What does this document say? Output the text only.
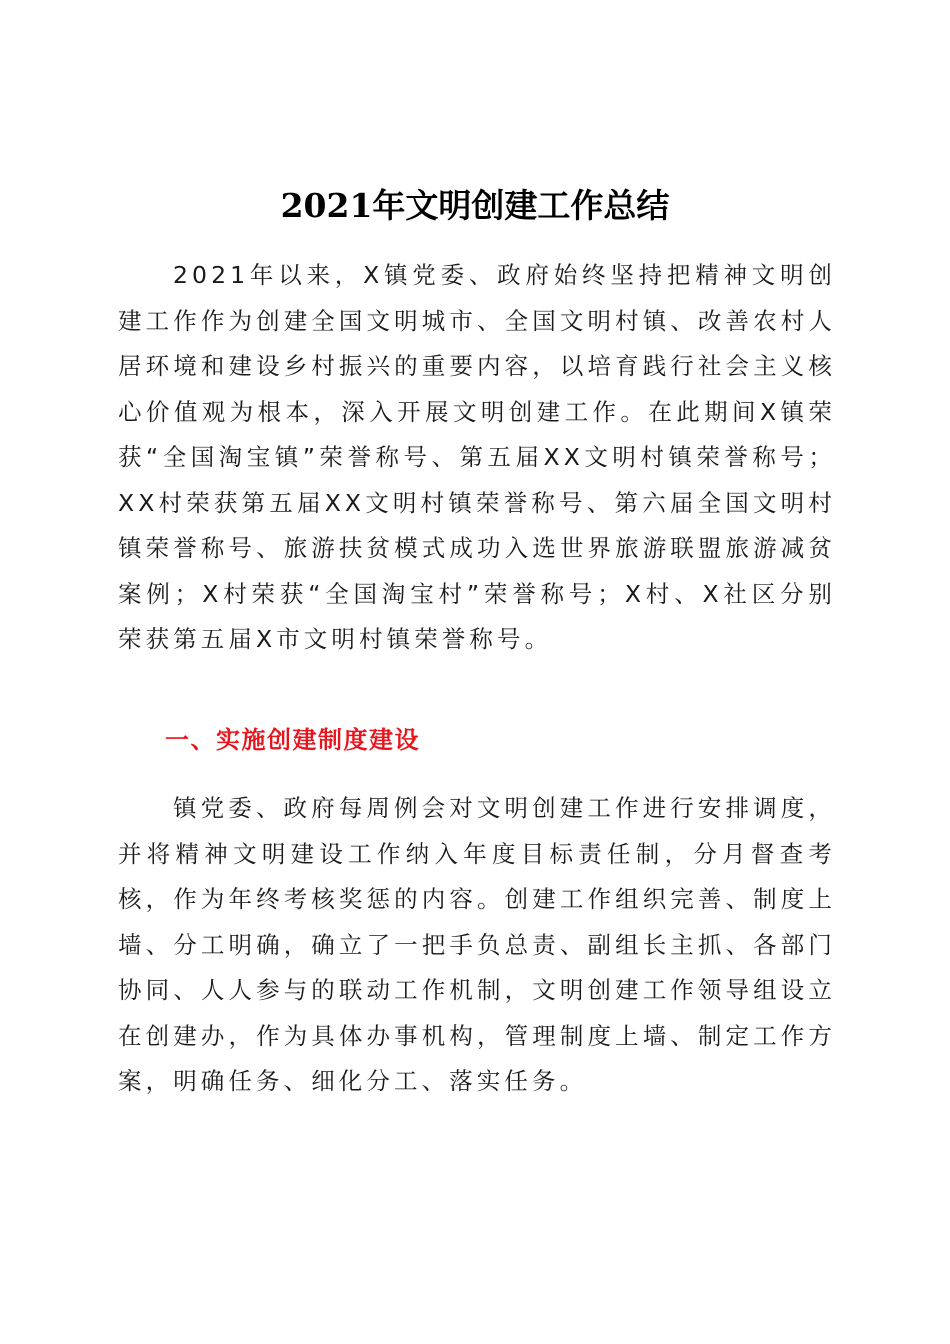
2021年文明创建工作总结

2021年以来，X镇党委、政府始终坚持把精神文明创建工作作为创建全国文明城市、全国文明村镇、改善农村人居环境和建设乡村振兴的重要内容，以培育践行社会主义核心价值观为根本，深入开展文明创建工作。在此期间X镇荣获“全国淘宝镇”荣誉称号、第五届XX文明村镇荣誉称号；XX村荣获第五届XX文明村镇荣誉称号、第六届全国文明村镇荣誉称号、旅游扶贫模式成功入选世界旅游联盟旅游减贫案例；X村荣获“全国淘宝村”荣誉称号；X村、X社区分别荣获第五届X市文明村镇荣誉称号。

一、实施创建制度建设

镇党委、政府每周例会对文明创建工作进行安排调度，并将精神文明建设工作纳入年度目标责任制，分月督查考核，作为年终考核奖惩的内容。创建工作组织完善、制度上墙、分工明确，确立了一把手负总责、副组长主抓、各部门协同、人人参与的联动工作机制，文明创建工作领导组设立在创建办，作为具体办事机构，管理制度上墙、制定工作方案，明确任务、细化分工、落实任务。
